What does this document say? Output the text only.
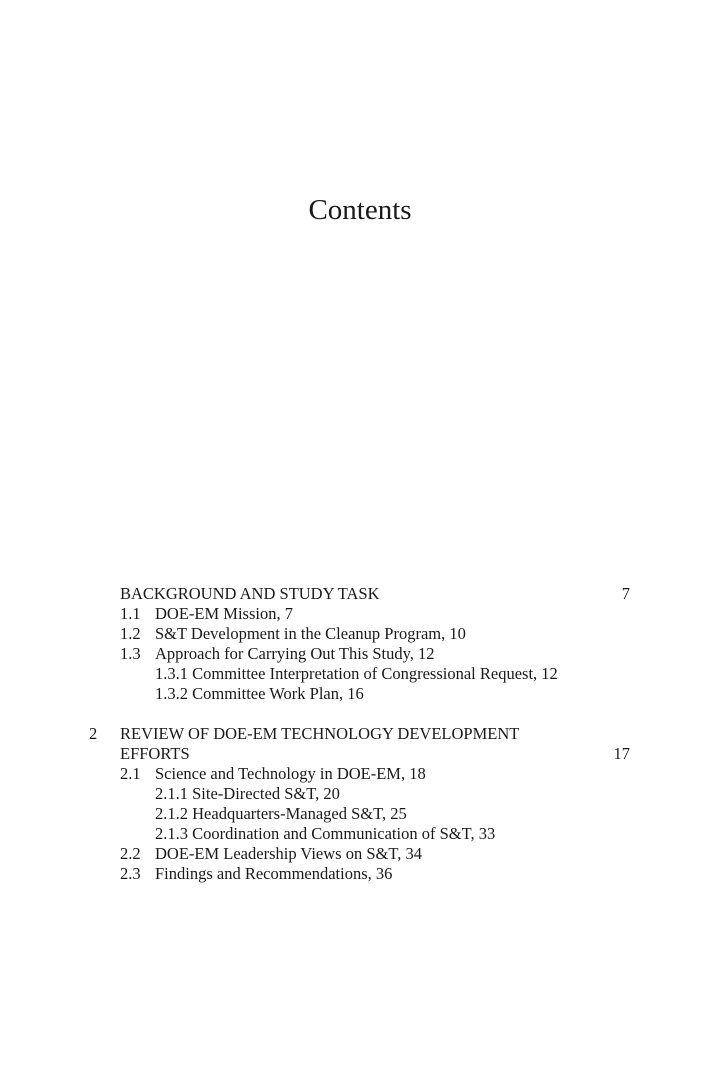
Contents
BACKGROUND AND STUDY TASK	7
1.1 DOE-EM Mission, 7
1.2 S&T Development in the Cleanup Program, 10
1.3 Approach for Carrying Out This Study, 12
1.3.1 Committee Interpretation of Congressional Request, 12
1.3.2 Committee Work Plan, 16
2 REVIEW OF DOE-EM TECHNOLOGY DEVELOPMENT
EFFORTS	17
2.1 Science and Technology in DOE-EM, 18
2.1.1 Site-Directed S&T, 20
2.1.2 Headquarters-Managed S&T, 25
2.1.3 Coordination and Communication of S&T, 33
2.2 DOE-EM Leadership Views on S&T, 34
2.3 Findings and Recommendations, 36
